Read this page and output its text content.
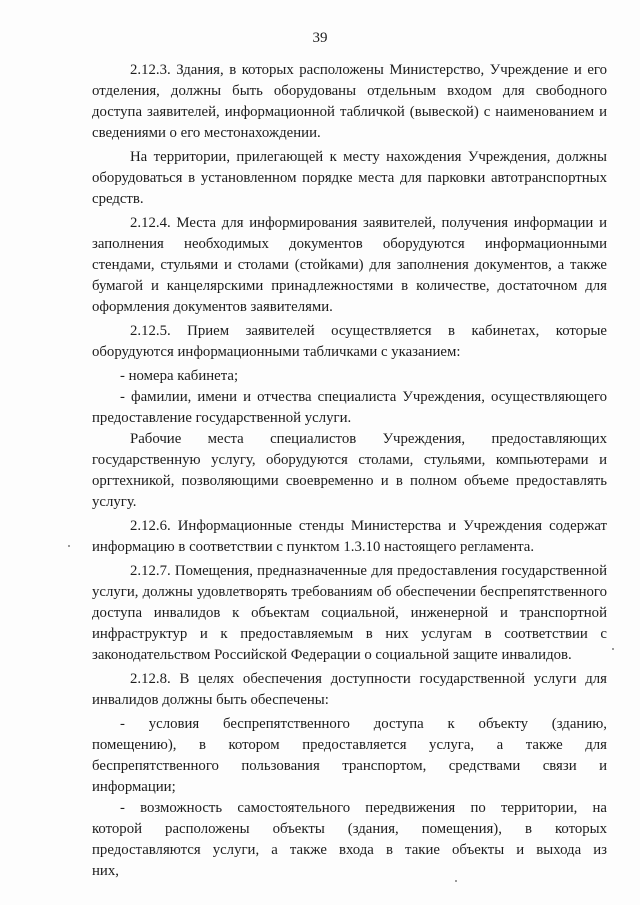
39

2.12.3. Здания, в которых расположены Министерство, Учреждение и его отделения, должны быть оборудованы отдельным входом для свободного доступа заявителей, информационной табличкой (вывеской) с наименованием и сведениями о его местонахождении.

На территории, прилегающей к месту нахождения Учреждения, должны оборудоваться в установленном порядке места для парковки автотранспортных средств.

2.12.4. Места для информирования заявителей, получения информации и заполнения необходимых документов оборудуются информационными стендами, стульями и столами (стойками) для заполнения документов, а также бумагой и канцелярскими принадлежностями в количестве, достаточном для оформления документов заявителями.

2.12.5. Прием заявителей осуществляется в кабинетах, которые оборудуются информационными табличками с указанием:

- номера кабинета;

- фамилии, имени и отчества специалиста Учреждения, осуществляющего предоставление государственной услуги.

Рабочие места специалистов Учреждения, предоставляющих государственную услугу, оборудуются столами, стульями, компьютерами и оргтехникой, позволяющими своевременно и в полном объеме предоставлять услугу.

2.12.6. Информационные стенды Министерства и Учреждения содержат информацию в соответствии с пунктом 1.3.10 настоящего регламента.

2.12.7. Помещения, предназначенные для предоставления государственной услуги, должны удовлетворять требованиям об обеспечении беспрепятственного доступа инвалидов к объектам социальной, инженерной и транспортной инфраструктур и к предоставляемым в них услугам в соответствии с законодательством Российской Федерации о социальной защите инвалидов.

2.12.8. В целях обеспечения доступности государственной услуги для инвалидов должны быть обеспечены:

- условия беспрепятственного доступа к объекту (зданию, помещению), в котором предоставляется услуга, а также для беспрепятственного пользования транспортом, средствами связи и информации;

- возможность самостоятельного передвижения по территории, на которой расположены объекты (здания, помещения), в которых предоставляются услуги, а также входа в такие объекты и выхода из них,
